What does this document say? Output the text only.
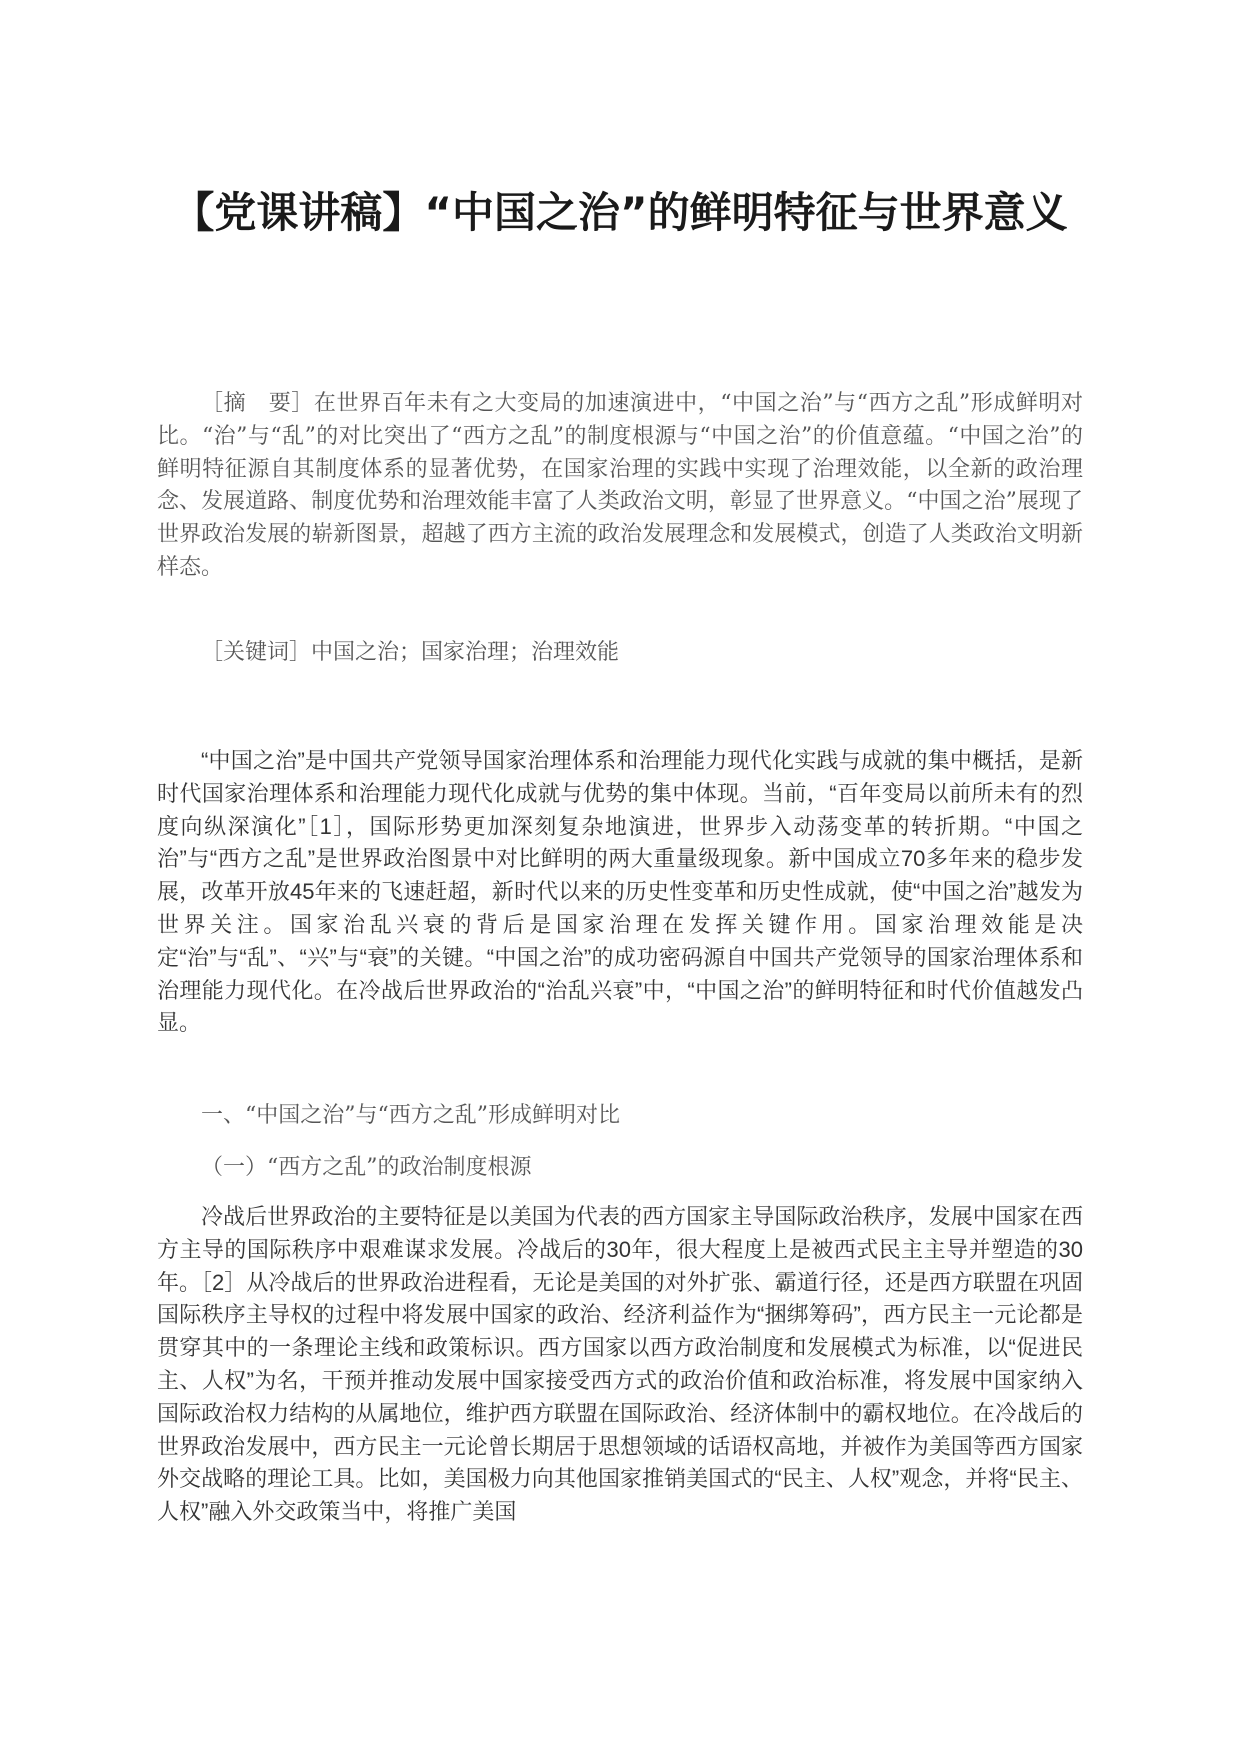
【党课讲稿】“中国之治”的鲜明特征与世界意义

［摘　要］在世界百年未有之大变局的加速演进中，“中国之治”与“西方之乱”形成鲜明对比。“治”与“乱”的对比突出了“西方之乱”的制度根源与“中国之治”的价值意蕴。“中国之治”的鲜明特征源自其制度体系的显著优势，在国家治理的实践中实现了治理效能，以全新的政治理念、发展道路、制度优势和治理效能丰富了人类政治文明，彰显了世界意义。“中国之治”展现了世界政治发展的崭新图景，超越了西方主流的政治发展理念和发展模式，创造了人类政治文明新样态。

［关键词］中国之治；国家治理；治理效能

“中国之治”是中国共产党领导国家治理体系和治理能力现代化实践与成就的集中概括，是新时代国家治理体系和治理能力现代化成就与优势的集中体现。当前，“百年变局以前所未有的烈度向纵深演化”［1］，国际形势更加深刻复杂地演进，世界步入动荡变革的转折期。“中国之治”与“西方之乱”是世界政治图景中对比鲜明的两大重量级现象。新中国成立70多年来的稳步发展，改革开放45年来的飞速赶超，新时代以来的历史性变革和历史性成就，使“中国之治”越发为世界关注。国家治乱兴衰的背后是国家治理在发挥关键作用。国家治理效能是决定“治”与“乱”、“兴”与“衰”的关键。“中国之治”的成功密码源自中国共产党领导的国家治理体系和治理能力现代化。在冷战后世界政治的“治乱兴衰”中，“中国之治”的鲜明特征和时代价值越发凸显。

一、“中国之治”与“西方之乱”形成鲜明对比

（一）“西方之乱”的政治制度根源

冷战后世界政治的主要特征是以美国为代表的西方国家主导国际政治秩序，发展中国家在西方主导的国际秩序中艰难谋求发展。冷战后的30年，很大程度上是被西式民主主导并塑造的30年。［2］从冷战后的世界政治进程看，无论是美国的对外扩张、霸道行径，还是西方联盟在巩固国际秩序主导权的过程中将发展中国家的政治、经济利益作为“捆绑筹码”，西方民主一元论都是贯穿其中的一条理论主线和政策标识。西方国家以西方政治制度和发展模式为标准，以“促进民主、人权”为名，干预并推动发展中国家接受西方式的政治价值和政治标准，将发展中国家纳入国际政治权力结构的从属地位，维护西方联盟在国际政治、经济体制中的霸权地位。在冷战后的世界政治发展中，西方民主一元论曾长期居于思想领域的话语权高地，并被作为美国等西方国家外交战略的理论工具。比如，美国极力向其他国家推销美国式的“民主、人权”观念，并将“民主、人权”融入外交政策当中，将推广美国
